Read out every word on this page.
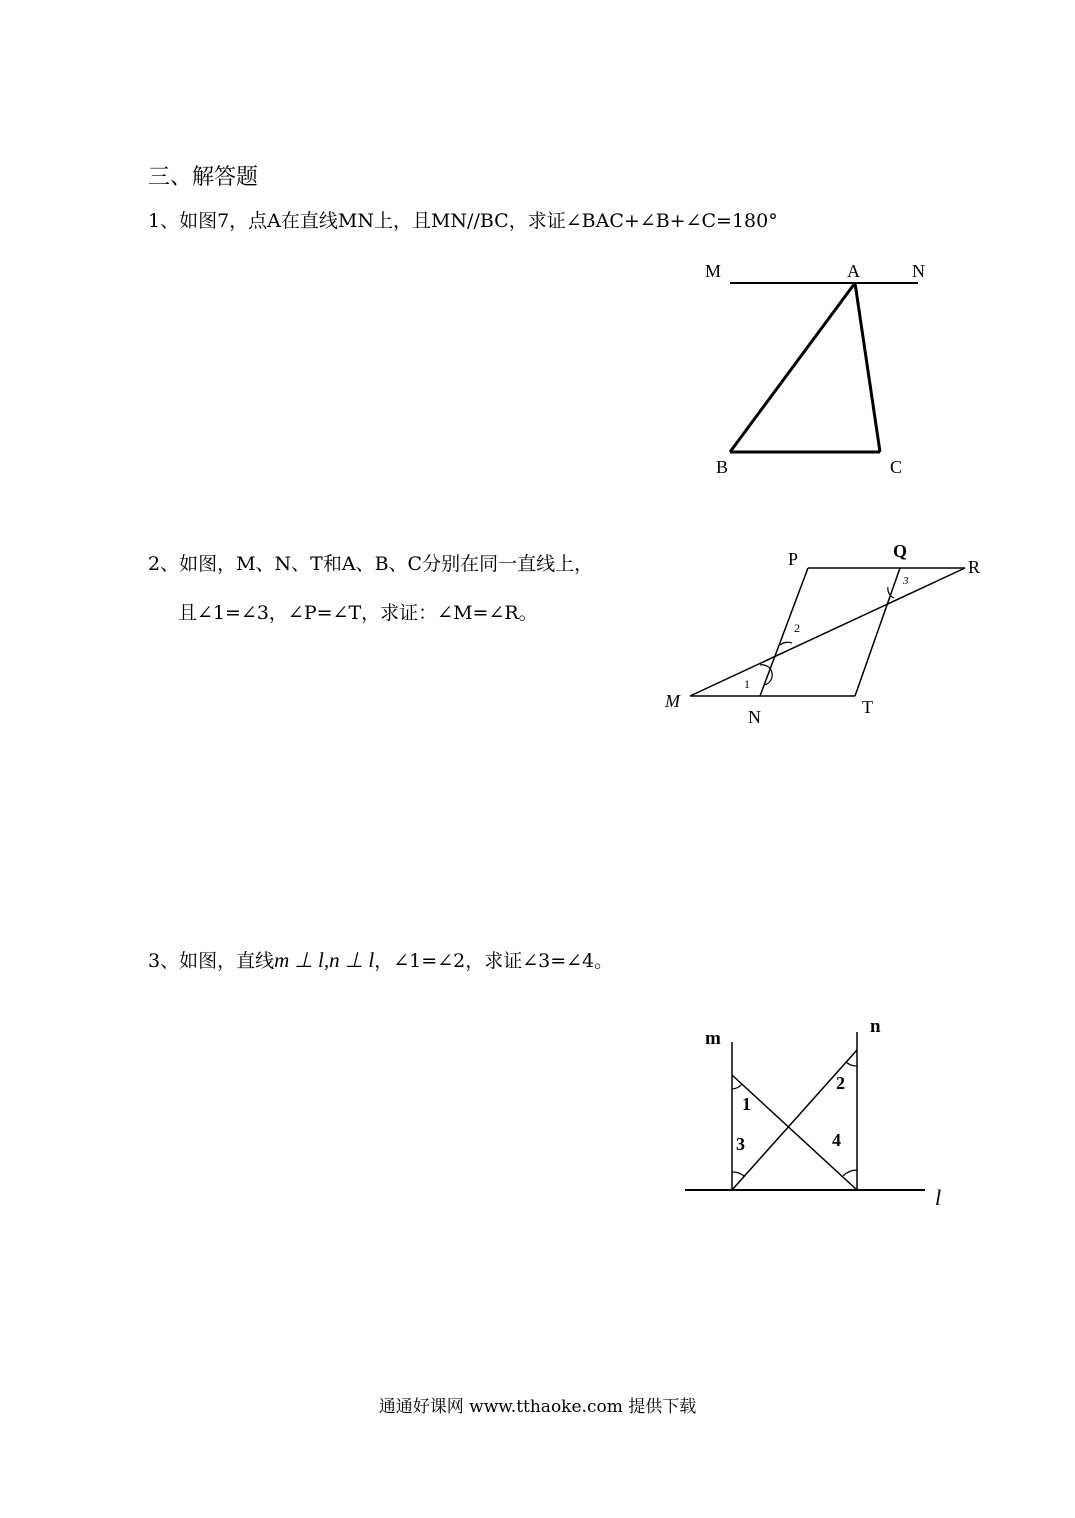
三、解答题
1、如图7，点A在直线MN上，且MN//BC，求证∠BAC+∠B+∠C=180°
M	A	N
B	C
2、如图，M、N、T和A、B、C分别在同一直线上，
且∠1=∠3，∠P=∠T，求证：∠M=∠R。
P	Q
R
M
N	T
1
2
3
3、如图，直线m ⊥ l,n ⊥ l，∠1=∠2，求证∠3=∠4。
m
n
l
1
2
3	4
通通好课网 www.tthaoke.com 提供下载
